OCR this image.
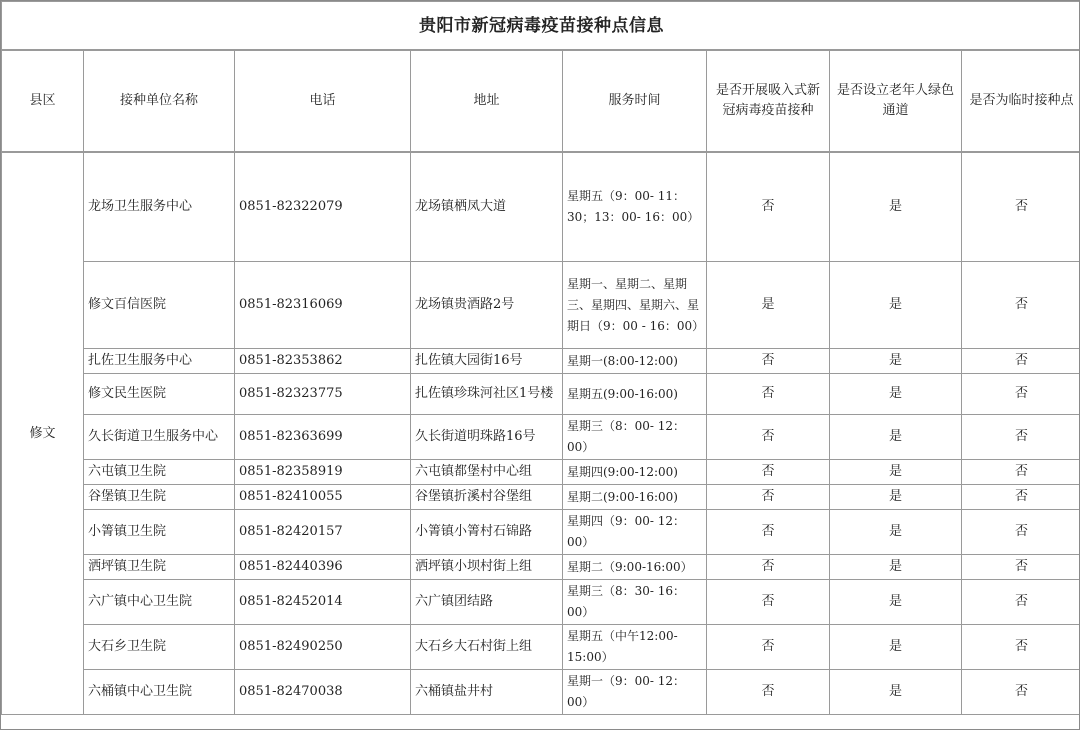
贵阳市新冠病毒疫苗接种点信息							
县区	接种单位名称	电话	地址	服务时间	是否开展吸入式新冠病毒疫苗接种	是否设立老年人绿色通道	是否为临时接种点
修文	龙场卫生服务中心	0851-82322079	龙场镇栖凤大道	星期五（9：00- 11：30；13：00- 16：00）	否	是	否
	修文百信医院	0851-82316069	龙场镇贵酒路2号	星期一、星期二、星期三、星期四、星期六、星期日（9：00 - 16：00）	是	是	否
	扎佐卫生服务中心	0851-82353862	扎佐镇大园街16号	星期一(8:00-12:00)	否	是	否
	修文民生医院	0851-82323775	扎佐镇珍珠河社区1号楼	星期五(9:00-16:00)	否	是	否
	久长街道卫生服务中心	0851-82363699	久长街道明珠路16号	星期三（8：00- 12：00）	否	是	否
	六屯镇卫生院	0851-82358919	六屯镇都堡村中心组	星期四(9:00-12:00)	否	是	否
	谷堡镇卫生院	0851-82410055	谷堡镇折溪村谷堡组	星期二(9:00-16:00)	否	是	否
	小箐镇卫生院	0851-82420157	小箐镇小箐村石锦路	星期四（9：00- 12：00）	否	是	否
	洒坪镇卫生院	0851-82440396	洒坪镇小坝村街上组	星期二（9:00-16:00）	否	是	否
	六广镇中心卫生院	0851-82452014	六广镇团结路	星期三（8：30- 16：00）	否	是	否
	大石乡卫生院	0851-82490250	大石乡大石村街上组	星期五（中午12:00-15:00）	否	是	否
	六桶镇中心卫生院	0851-82470038	六桶镇盐井村	星期一（9：00- 12：00）	否	是	否
